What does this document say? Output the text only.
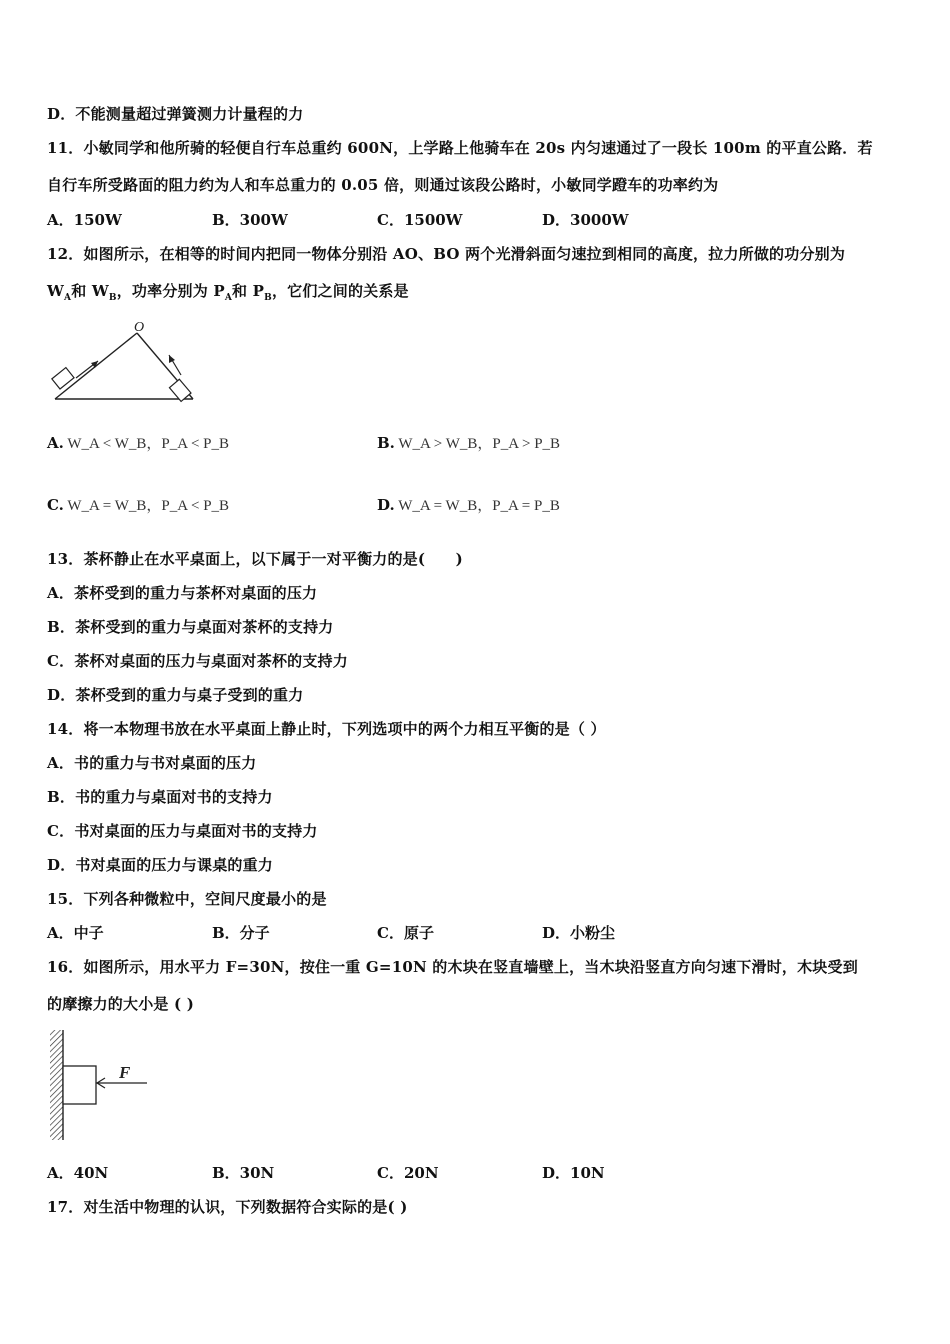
D．不能测量超过弹簧测力计量程的力
11．小敏同学和他所骑的轻便自行车总重约 600N，上学路上他骑车在 20s 内匀速通过了一段长 100m 的平直公路．若
自行车所受路面的阻力约为人和车总重力的 0.05 倍，则通过该段公路时，小敏同学蹬车的功率约为
A．150W	B．300W	C．1500W	D．3000W
12．如图所示，在相等的时间内把同一物体分别沿 AO、BO 两个光滑斜面匀速拉到相同的高度，拉力所做的功分别为
$W_A$和 $W_B$，功率分别为 $P_A$和 $P_B$，它们之间的关系是
O
A. W_A < W_B，P_A < P_B	B. W_A > W_B，P_A > P_B
C. W_A = W_B，P_A < P_B	D. W_A = W_B，P_A = P_B
13．茶杯静止在水平桌面上，以下属于一对平衡力的是(　　)
A．茶杯受到的重力与茶杯对桌面的压力
B．茶杯受到的重力与桌面对茶杯的支持力
C．茶杯对桌面的压力与桌面对茶杯的支持力
D．茶杯受到的重力与桌子受到的重力
14．将一本物理书放在水平桌面上静止时，下列选项中的两个力相互平衡的是（ ）
A．书的重力与书对桌面的压力
B．书的重力与桌面对书的支持力
C．书对桌面的压力与桌面对书的支持力
D．书对桌面的压力与课桌的重力
15．下列各种微粒中，空间尺度最小的是
A．中子	B．分子	C．原子	D．小粉尘
16．如图所示，用水平力 F=30N，按住一重 G=10N 的木块在竖直墙壁上，当木块沿竖直方向匀速下滑时，木块受到
的摩擦力的大小是 ( )
F
A．40N	B．30N	C．20N	D．10N
17．对生活中物理的认识，下列数据符合实际的是( )
